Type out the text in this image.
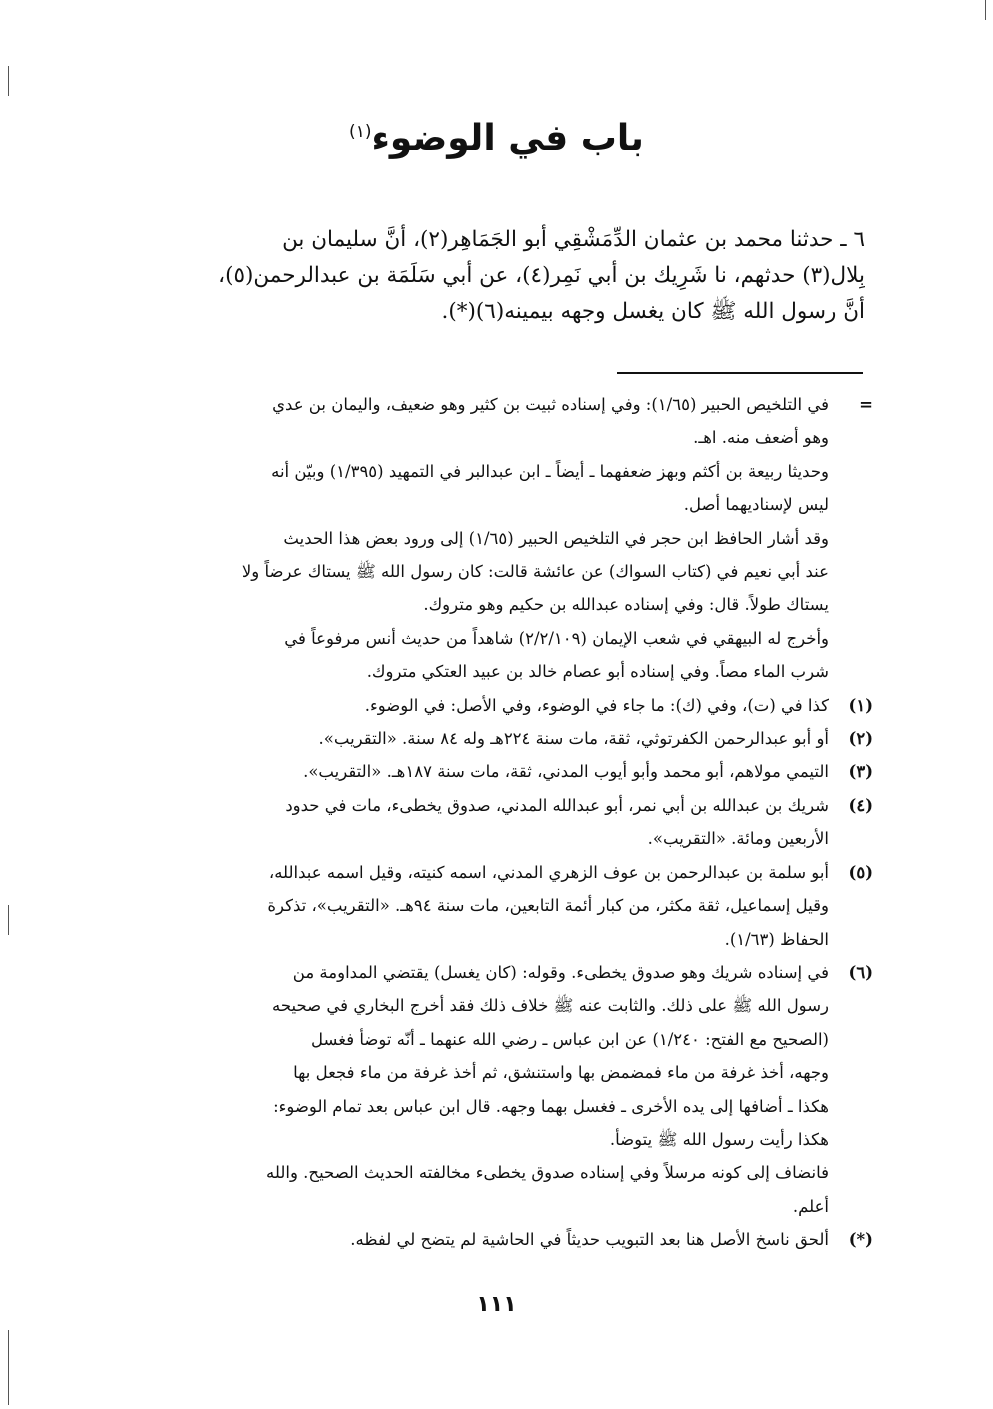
باب في الوضوء$^{(١)}$
٦ ـ حدثنا محمد بن عثمان الدِّمَشْقِي أبو الجَمَاهِر(٢)، أنَّ سليمان بن
بِلال(٣) حدثهم، نا شَرِيك بن أبي نَمِر(٤)، عن أبي سَلَمَة بن عبدالرحمن(٥)،
أنَّ رسول الله ﷺ كان يغسل وجهه بيمينه(٦)(*).
=
في التلخيص الحبير (١/٦٥): وفي إسناده ثبيت بن كثير وهو ضعيف، واليمان بن عدي
وهو أضعف منه. اهـ.
وحديثا ربيعة بن أكثم وبهز ضعفهما ـ أيضاً ـ ابن عبدالبر في التمهيد (١/٣٩٥) وبيّن أنه
ليس لإسناديهما أصل.
وقد أشار الحافظ ابن حجر في التلخيص الحبير (١/٦٥) إلى ورود بعض هذا الحديث
عند أبي نعيم في (كتاب السواك) عن عائشة قالت: كان رسول الله ﷺ يستاك عرضاً ولا
يستاك طولاً. قال: وفي إسناده عبدالله بن حكيم وهو متروك.
وأخرج له البيهقي في شعب الإيمان (٢/٢/١٠٩) شاهداً من حديث أنس مرفوعاً في
شرب الماء مصاً. وفي إسناده أبو عصام خالد بن عبيد العتكي متروك.
(١)
كذا في (ت)، وفي (ك): ما جاء في الوضوء، وفي الأصل: في الوضوء.
(٢)
أو أبو عبدالرحمن الكفرتوثي، ثقة، مات سنة ٢٢٤هـ وله ٨٤ سنة. «التقريب».
(٣)
التيمي مولاهم، أبو محمد وأبو أيوب المدني، ثقة، مات سنة ١٨٧هـ. «التقريب».
(٤)
شريك بن عبدالله بن أبي نمر، أبو عبدالله المدني، صدوق يخطىء، مات في حدود
الأربعين ومائة. «التقريب».
(٥)
أبو سلمة بن عبدالرحمن بن عوف الزهري المدني، اسمه كنيته، وقيل اسمه عبدالله،
وقيل إسماعيل، ثقة مكثر، من كبار أئمة التابعين، مات سنة ٩٤هـ. «التقريب»، تذكرة
الحفاظ (١/٦٣).
(٦)
في إسناده شريك وهو صدوق يخطىء. وقوله: (كان يغسل) يقتضي المداومة من
رسول الله ﷺ على ذلك. والثابت عنه ﷺ خلاف ذلك فقد أخرج البخاري في صحيحه
(الصحيح مع الفتح: ١/٢٤٠) عن ابن عباس ـ رضي الله عنهما ـ أنّه توضأ فغسل
وجهه، أخذ غرفة من ماء فمضمض بها واستنشق، ثم أخذ غرفة من ماء فجعل بها
هكذا ـ أضافها إلى يده الأخرى ـ فغسل بهما وجهه. قال ابن عباس بعد تمام الوضوء:
هكذا رأيت رسول الله ﷺ يتوضأ.
فانضاف إلى كونه مرسلاً وفي إسناده صدوق يخطىء مخالفته الحديث الصحيح. والله
أعلم.
(*)
ألحق ناسخ الأصل هنا بعد التبويب حديثاً في الحاشية لم يتضح لي لفظه.
١١١
